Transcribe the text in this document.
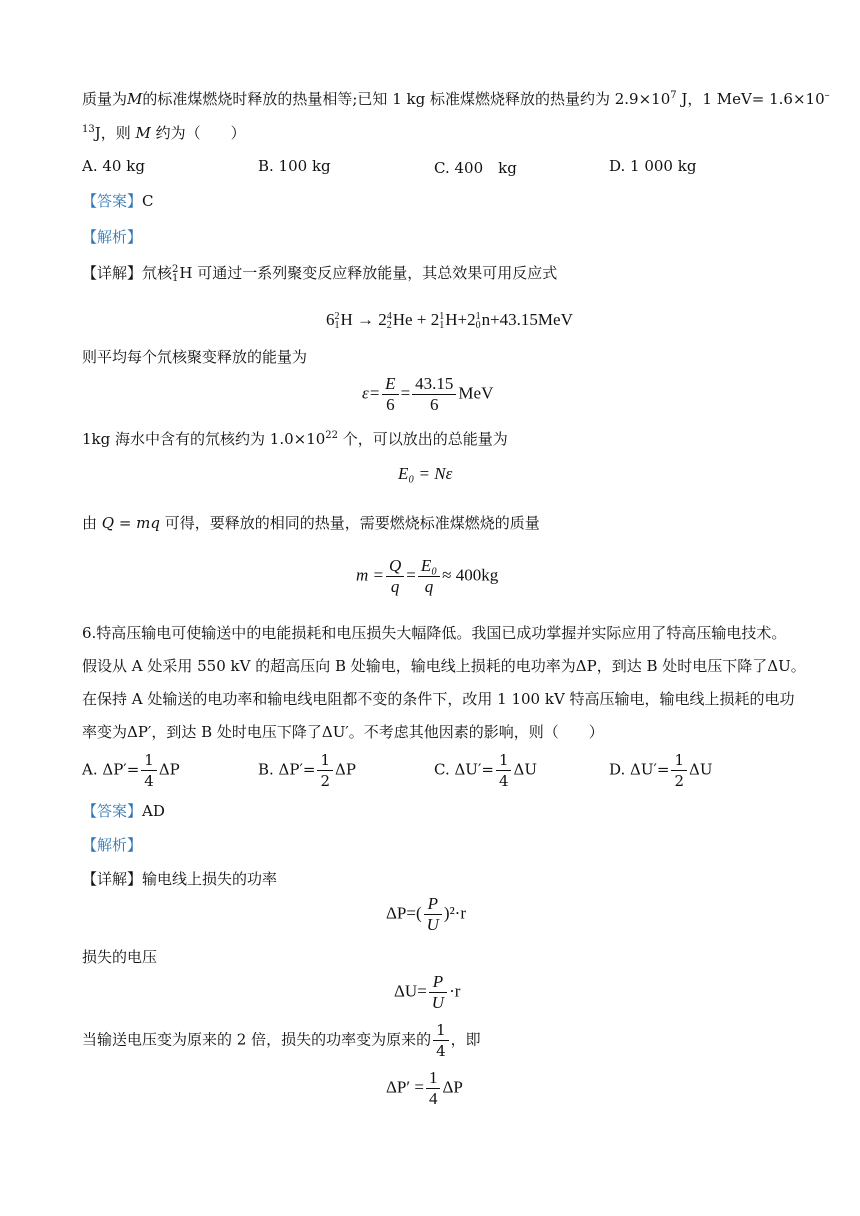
质量为M的标准煤燃烧时释放的热量相等;已知 1 kg 标准煤燃烧释放的热量约为 $2.9\times 10^7$ J，1 MeV= 1.6×10–
$^{13}$J，则 M 约为（　　）
A. 40 kg	B. 100 kg	C. 400　kg	D. 1 000 kg
【答案】C
【解析】
【详解】氘核 2
1 H 可通过一系列聚变反应释放能量，其总效果可用反应式
6 2
1 H → 2 4
2 He + 2 1
1 H+2 1
0 n+43.15MeV
则平均每个氘核聚变释放的能量为
$\varepsilon= \frac{E}{6} = \frac{43.15}{6}$ MeV
1kg 海水中含有的氘核约为 $1.0\times 10^{22}$ 个，可以放出的总能量为
E₀ = Nε
由 Q = mq 可得，要释放的相同的热量，需要燃烧标准煤燃烧的质量
$m = \frac{Q}{q} = \frac{\text{E₀}}{q} \approx 400kg$
6.特高压输电可使输送中的电能损耗和电压损失大幅降低。我国已成功掌握并实际应用了特高压输电技术。
假设从 A 处采用 550 kV 的超高压向 B 处输电，输电线上损耗的电功率为ΔP，到达 B 处时电压下降了ΔU。
在保持 A 处输送的电功率和输电线电阻都不变的条件下，改用 1 100 kV 特高压输电，输电线上损耗的电功
率变为ΔP′，到达 B 处时电压下降了ΔU′。不考虑其他因素的影响，则（　　）
A. $\Delta P'= \frac{1}{4}$ ΔP	B. $\Delta P'= \frac{1}{2}$ ΔP	C. $\Delta U'= \frac{1}{4}$ ΔU	D. $\Delta U'= \frac{1}{2}$ ΔU
【答案】AD
【解析】
【详解】输电线上损失的功率
$\Delta P=( \frac{P}{U} )^2\cdot r$
损失的电压
$\Delta U= \frac{P}{U} \cdot r$
当输送电压变为原来的 2 倍，损失的功率变为原来的 $\frac{1}{4}$ ，即
$\Delta P' = \frac{1}{4}$ ΔP
